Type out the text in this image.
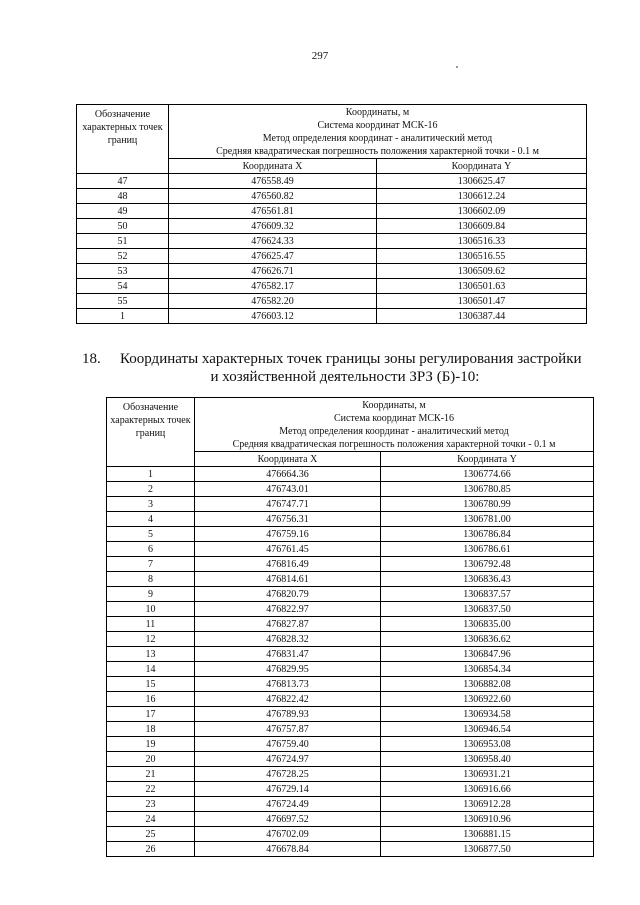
297
Обозначение характерных точек границ	Координаты, м
Система координат МСК-16
Метод определения координат - аналитический метод
Средняя квадратическая погрешность положения характерной точки - 0.1 м	

	Координата X	Координата Y
47	476558.49	1306625.47
48	476560.82	1306612.24
49	476561.81	1306602.09
50	476609.32	1306609.84
51	476624.33	1306516.33
52	476625.47	1306516.55
53	476626.71	1306509.62
54	476582.17	1306501.63
55	476582.20	1306501.47
1	476603.12	1306387.44
18. Координаты характерных точек границы зоны регулирования застройки
и хозяйственной деятельности ЗРЗ (Б)-10:
Обозначение характерных точек границ	Координаты, м
Система координат МСК-16
Метод определения координат - аналитический метод
Средняя квадратическая погрешность положения характерной точки - 0.1 м	

	Координата X	Координата Y
1	476664.36	1306774.66
2	476743.01	1306780.85
3	476747.71	1306780.99
4	476756.31	1306781.00
5	476759.16	1306786.84
6	476761.45	1306786.61
7	476816.49	1306792.48
8	476814.61	1306836.43
9	476820.79	1306837.57
10	476822.97	1306837.50
11	476827.87	1306835.00
12	476828.32	1306836.62
13	476831.47	1306847.96
14	476829.95	1306854.34
15	476813.73	1306882.08
16	476822.42	1306922.60
17	476789.93	1306934.58
18	476757.87	1306946.54
19	476759.40	1306953.08
20	476724.97	1306958.40
21	476728.25	1306931.21
22	476729.14	1306916.66
23	476724.49	1306912.28
24	476697.52	1306910.96
25	476702.09	1306881.15
26	476678.84	1306877.50
